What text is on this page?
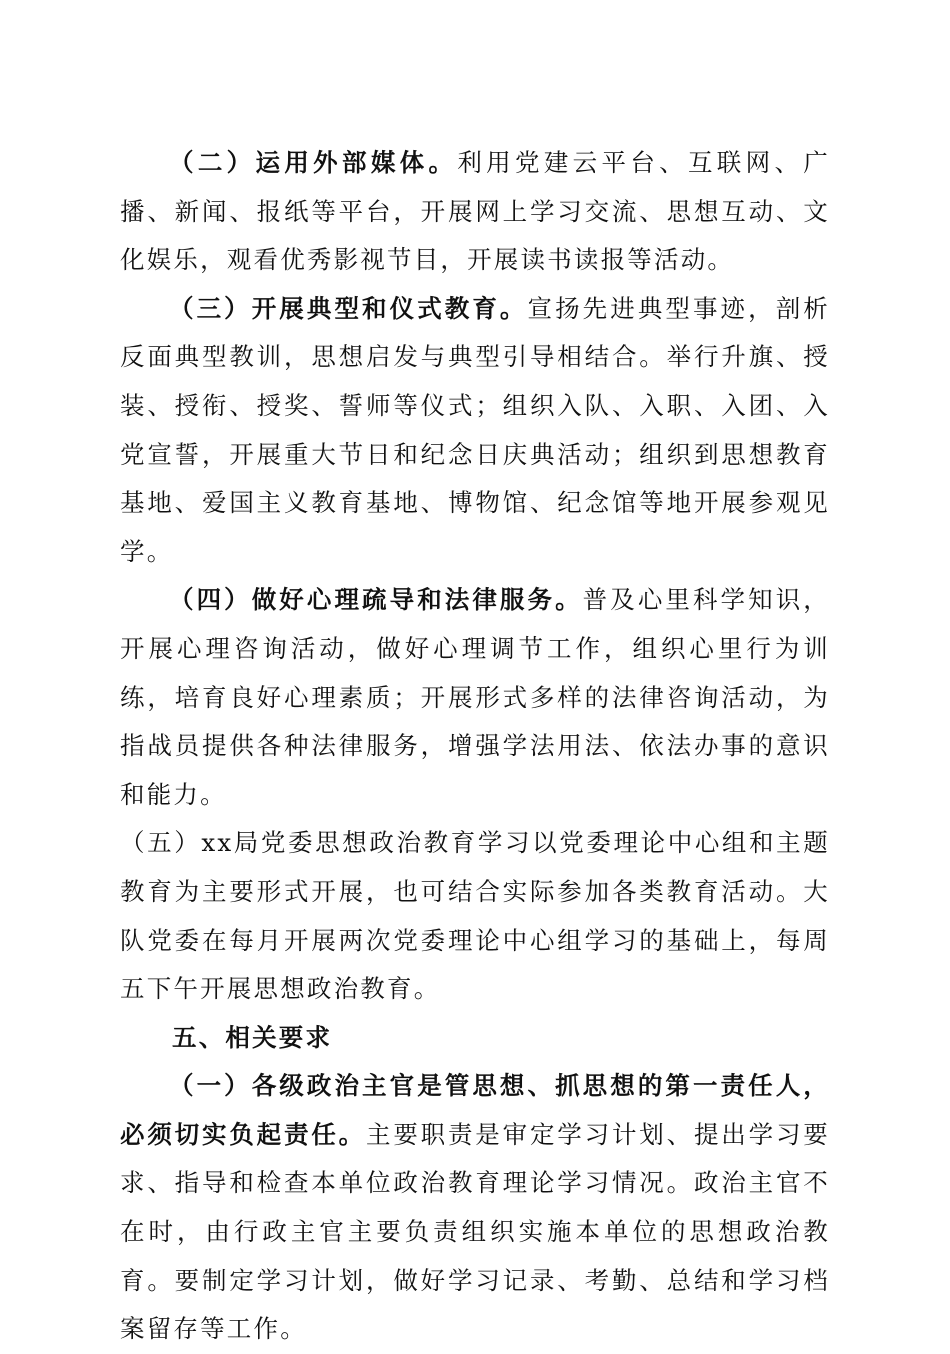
（二）运用外部媒体。利用党建云平台、互联网、广播、新闻、报纸等平台，开展网上学习交流、思想互动、文化娱乐，观看优秀影视节目，开展读书读报等活动。

（三）开展典型和仪式教育。宣扬先进典型事迹，剖析反面典型教训，思想启发与典型引导相结合。举行升旗、授装、授衔、授奖、誓师等仪式；组织入队、入职、入团、入党宣誓，开展重大节日和纪念日庆典活动；组织到思想教育基地、爱国主义教育基地、博物馆、纪念馆等地开展参观见学。

（四）做好心理疏导和法律服务。普及心里科学知识，开展心理咨询活动，做好心理调节工作，组织心里行为训练，培育良好心理素质；开展形式多样的法律咨询活动，为指战员提供各种法律服务，增强学法用法、依法办事的意识和能力。

（五）xx局党委思想政治教育学习以党委理论中心组和主题教育为主要形式开展，也可结合实际参加各类教育活动。大队党委在每月开展两次党委理论中心组学习的基础上，每周五下午开展思想政治教育。

五、相关要求

（一）各级政治主官是管思想、抓思想的第一责任人，必须切实负起责任。主要职责是审定学习计划、提出学习要求、指导和检查本单位政治教育理论学习情况。政治主官不在时，由行政主官主要负责组织实施本单位的思想政治教育。要制定学习计划，做好学习记录、考勤、总结和学习档案留存等工作。
